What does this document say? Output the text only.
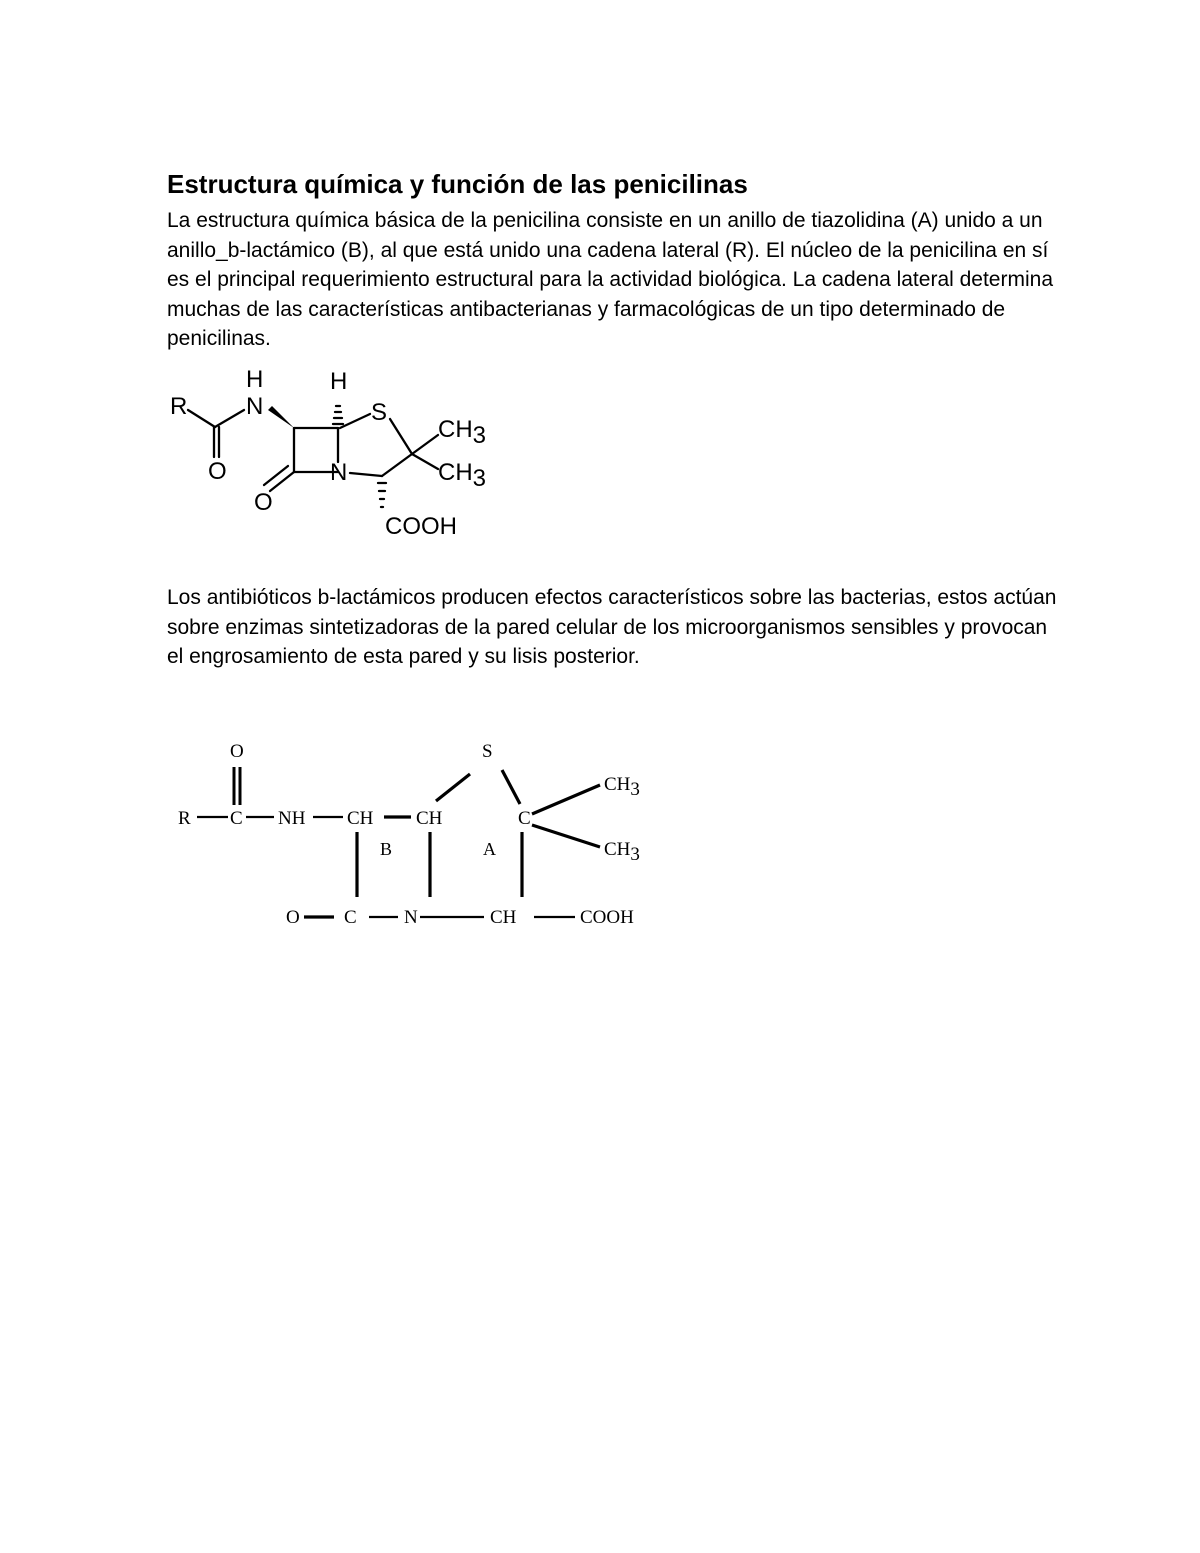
Estructura química y función de las penicilinas

La estructura química básica de la penicilina consiste en un anillo de tiazolidina (A) unido a un anillo_b-lactámico (B), al que está unido una cadena lateral (R). El núcleo de la penicilina en sí es el principal requerimiento estructural para la actividad biológica. La cadena lateral determina muchas de las características antibacterianas y farmacológicas de un tipo determinado de penicilinas.

R
H
N
H
S
CH3
CH3
O	N
O
COOH

Los antibióticos b-lactámicos producen efectos característicos sobre las bacterias, estos actúan sobre enzimas sintetizadoras de la pared celular de los microorganismos sensibles y provocan el engrosamiento de esta pared y su lisis posterior.

O
R C NH CH CH
S
C
CH3
CH3
B	A
O C N	CH	COOH
